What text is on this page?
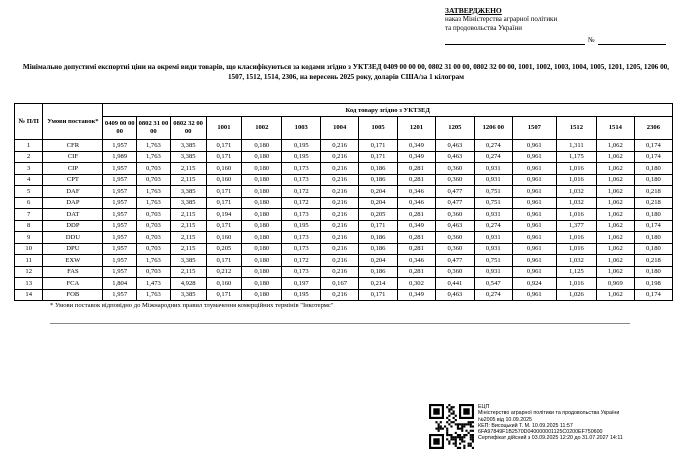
ЗАТВЕРДЖЕНО
наказ Міністерства аграрної політики
та продовольства України
№
Мінімально допустимі експортні ціни на окремі види товарів, що класифікуються за кодами згідно з УКТЗЕД 0409 00 00 00, 0802 31 00 00, 0802 32 00 00, 1001, 1002, 1003, 1004, 1005, 1201, 1205, 1206 00, 1507, 1512, 1514, 2306, на вересень 2025 року, доларів США/за 1 кілограм
№ П/П	Умови поставок*	Код товару згідно з УКТЗЕД														
		0409 00 00 00	0802 31 00 00	0802 32 00 00	1001	1002	1003	1004	1005	1201	1205	1206 00	1507	1512	1514	2306
1	CFR	1,957	1,763	3,385	0,171	0,180	0,195	0,216	0,171	0,349	0,463	0,274	0,961	1,311	1,062	0,174
2	CIF	1,989	1,763	3,385	0,171	0,180	0,195	0,216	0,171	0,349	0,463	0,274	0,961	1,175	1,062	0,174
3	CIP	1,957	0,703	2,115	0,160	0,180	0,173	0,216	0,186	0,281	0,360	0,931	0,961	1,016	1,062	0,180
4	CPT	1,957	0,703	2,115	0,160	0,180	0,173	0,216	0,186	0,281	0,360	0,931	0,961	1,016	1,062	0,180
5	DAF	1,957	1,763	3,385	0,171	0,180	0,172	0,216	0,204	0,346	0,477	0,751	0,961	1,032	1,062	0,218
6	DAP	1,957	1,763	3,385	0,171	0,180	0,172	0,216	0,204	0,346	0,477	0,751	0,961	1,032	1,062	0,218
7	DAT	1,957	0,703	2,115	0,194	0,180	0,173	0,216	0,205	0,281	0,360	0,931	0,961	1,016	1,062	0,180
8	DDP	1,957	0,703	2,115	0,171	0,180	0,195	0,216	0,171	0,349	0,463	0,274	0,961	1,377	1,062	0,174
9	DDU	1,957	0,703	2,115	0,160	0,180	0,173	0,216	0,186	0,281	0,360	0,931	0,961	1,016	1,062	0,180
10	DPU	1,957	0,703	2,115	0,205	0,180	0,173	0,216	0,186	0,281	0,360	0,931	0,961	1,016	1,062	0,180
11	EXW	1,957	1,763	3,385	0,171	0,180	0,172	0,216	0,204	0,346	0,477	0,751	0,961	1,032	1,062	0,218
12	FAS	1,957	0,703	2,115	0,212	0,180	0,173	0,216	0,186	0,281	0,360	0,931	0,961	1,125	1,062	0,180
13	FCA	1,804	1,473	4,928	0,160	0,180	0,197	0,167	0,214	0,302	0,441	0,547	0,924	1,016	0,969	0,198
14	FOB	1,957	1,763	3,385	0,171	0,180	0,195	0,216	0,171	0,349	0,463	0,274	0,961	1,026	1,062	0,174
* Умови поставок відповідно до Міжнародних правил тлумачення комерційних термінів "Інкотермс"
ЕЦП
Міністерство аграрної політики та продовольства України
№2005 від 10.09.2025
КЕП: Висоцький Т. М. 10.09.2025 11:57
6FA97849F1B2570D040000001125C0200EF750600
Сертифікат дійсний з 03.09.2025 12:20 до 31.07.2027 14:11
